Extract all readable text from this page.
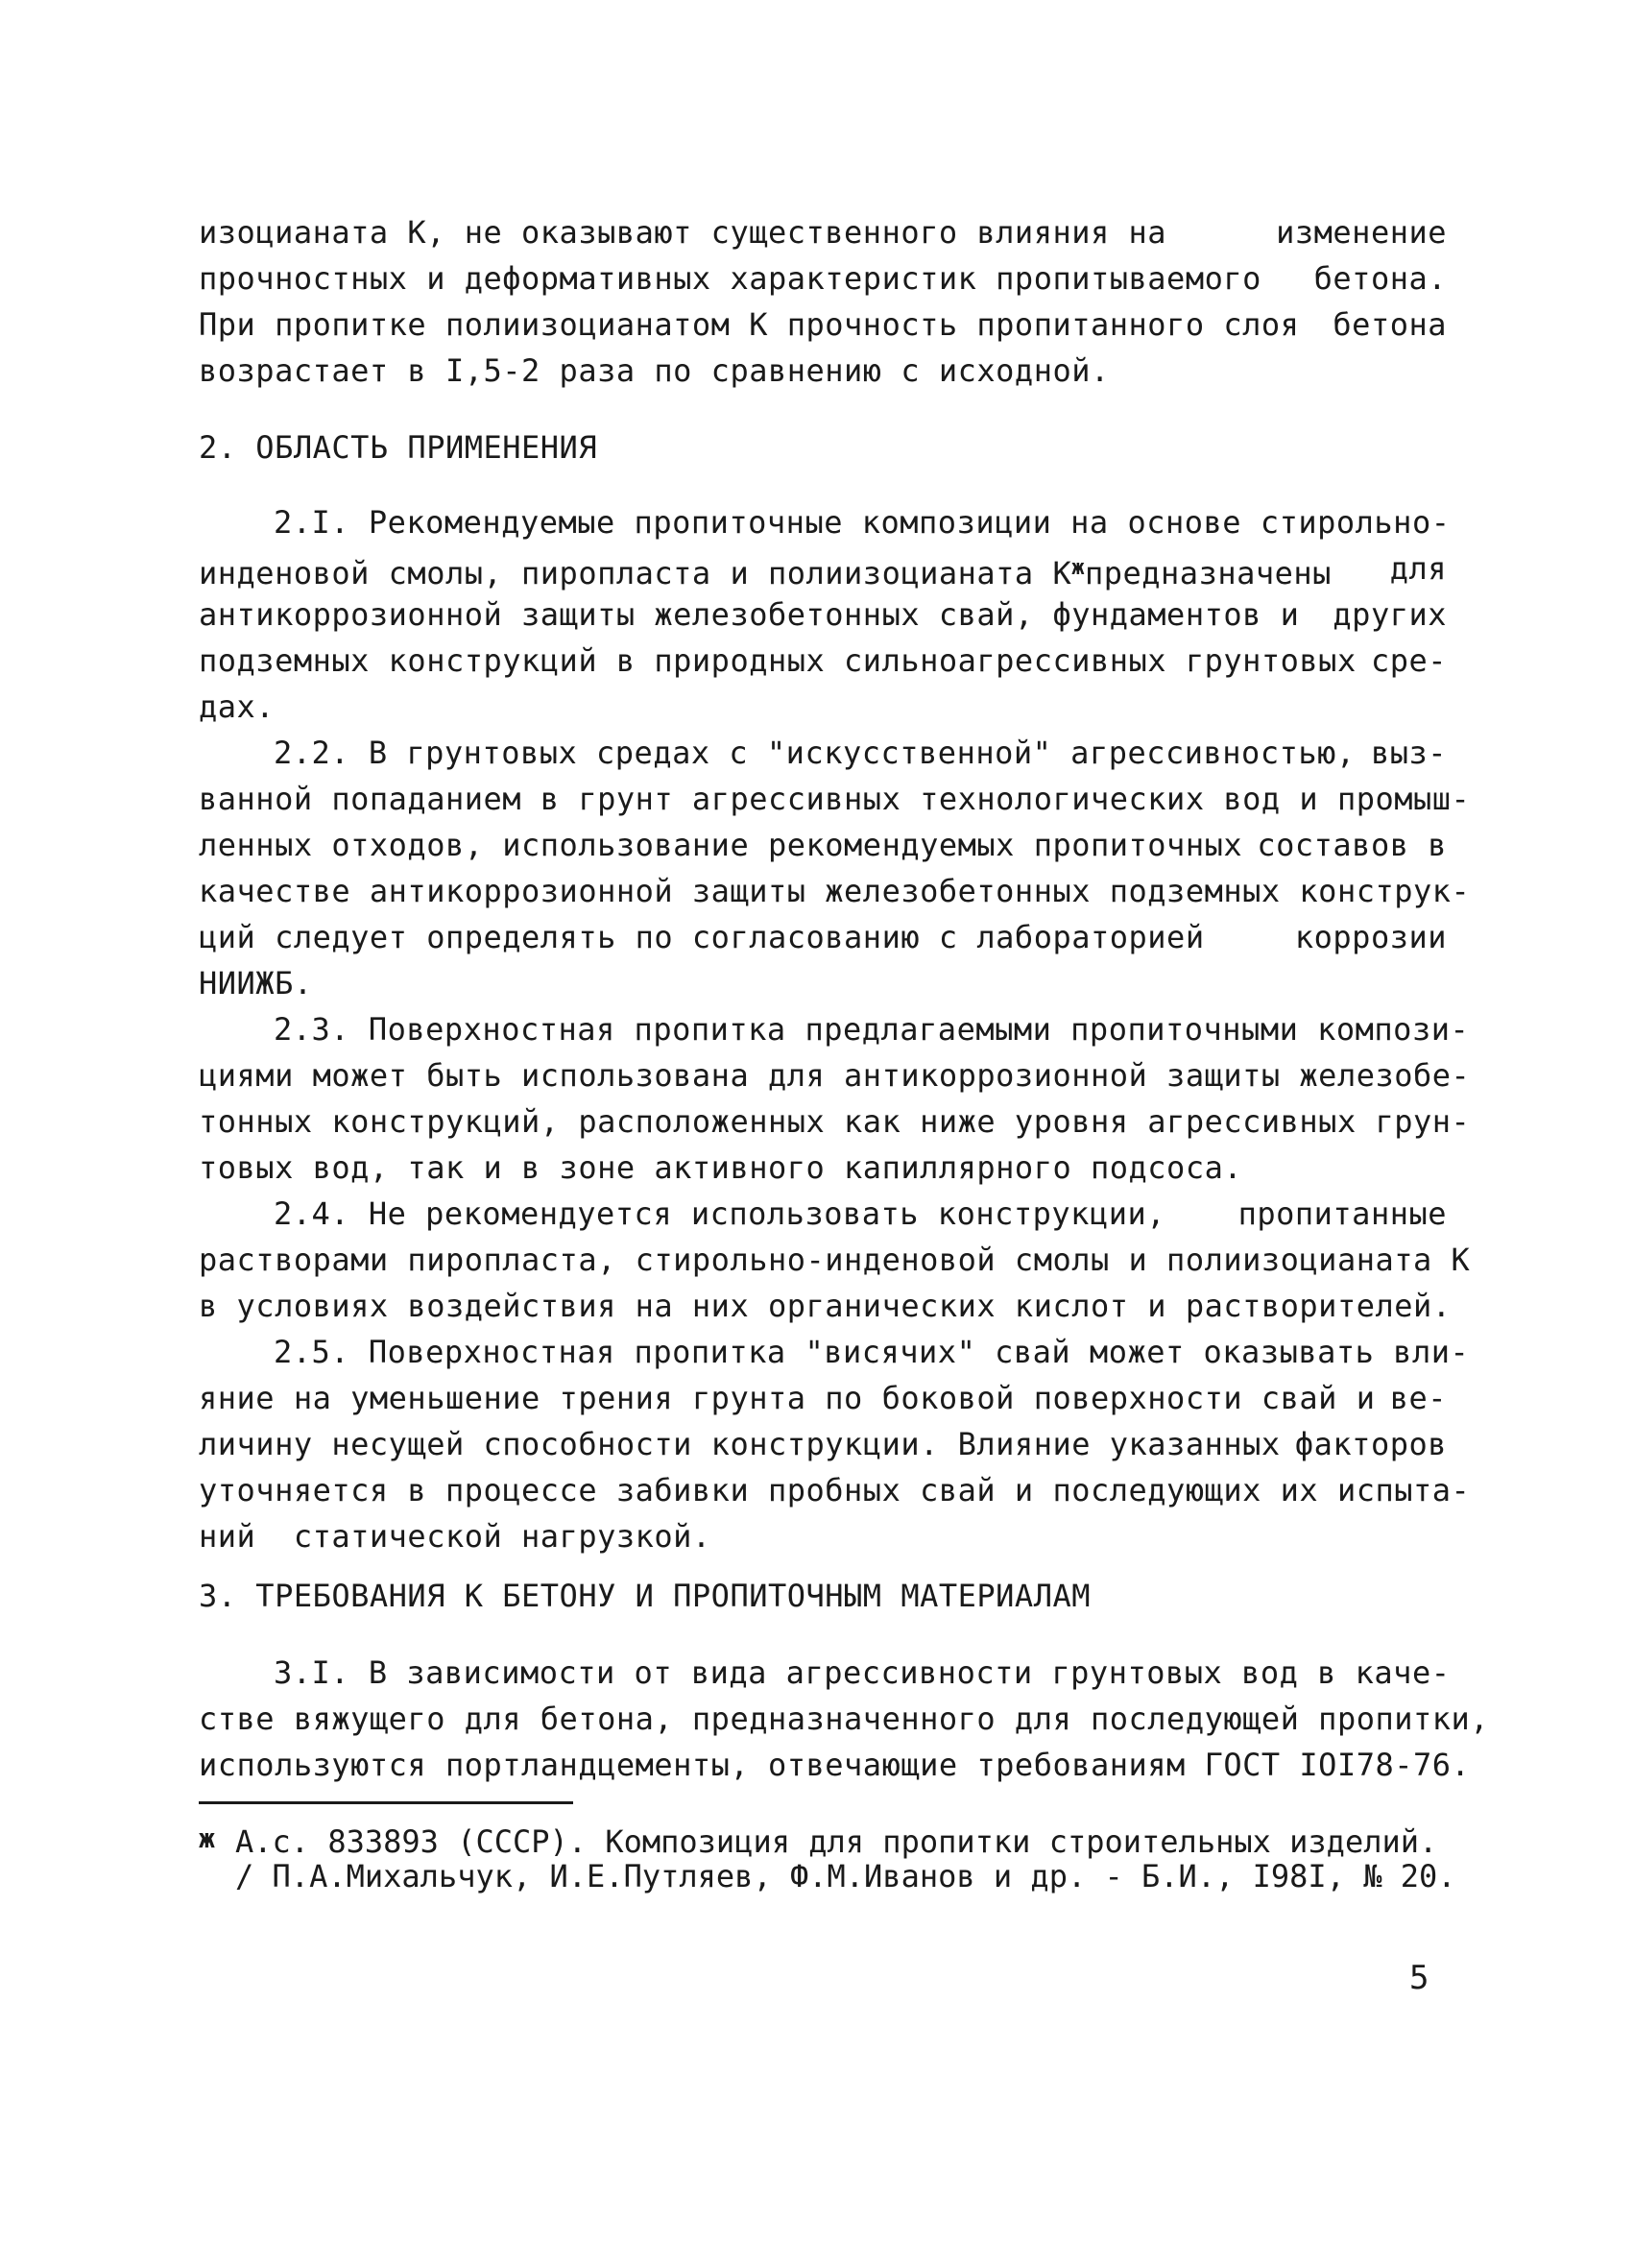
изоцианата К, не оказывают существенного влияния на	изменение
прочностных и деформативных характеристик пропитываемого бетона.
При пропитке полиизоцианатом К прочность пропитанного слоя бетона
возрастает в I,5-2 раза по сравнению с исходной.
2. ОБЛАСТЬ ПРИМЕНЕНИЯ
2.I. Рекомендуемые пропиточные композиции на основе стирольно -
инденовой смолы, пиропласта и полиизоцианата $К^жпредназначены$ для
антикоррозионной защиты железобетонных свай, фундаментов и других
подземных конструкций в природных сильноагрессивных грунтовых сре-
дах.
2.2. В грунтовых средах с "искусственной" агрессивностью, выз-
ванной попаданием в грунт агрессивных технологических вод и промыш-
ленных отходов, использование рекомендуемых пропиточных составов в
качестве антикоррозионной защиты железобетонных подземных конструк-
ций следует определять по согласованию с лабораторией	коррозии
НИИЖБ.
2.3. Поверхностная пропитка предлагаемыми пропиточными компози-
циями может быть использована для антикоррозионной защиты железобе-
тонных конструкций, расположенных как ниже уровня агрессивных грун-
товых вод, так и в зоне активного капиллярного подсоса.
2.4. Не рекомендуется использовать конструкции, пропитанные
растворами пиропласта, стирольно-инденовой смолы и полиизоцианата К
в условиях воздействия на них органических кислот и растворителей.
2.5. Поверхностная пропитка "висячих" свай может оказывать вли-
яние на уменьшение трения грунта по боковой поверхности свай и ве-
личину несущей способности конструкции. Влияние указанных факторов
уточняется в процессе забивки пробных свай и последующих их испыта-
ний  статической нагрузкой.
3. ТРЕБОВАНИЯ К БЕТОНУ И ПРОПИТОЧНЫМ МАТЕРИАЛАМ
3.I. В зависимости от вида агрессивности грунтовых вод в каче -
стве вяжущего для бетона, предназначенного для последующей пропитки,
используются портландцементы, отвечающие требованиям ГОСТ IOI78-76.
ж А.с. 833893 (СССР). Композиция для пропитки строительных изделий.
/ П.А.Михальчук, И.Е.Путляев, Ф.М.Иванов и др. - Б.И., I98I, № 20.
5
